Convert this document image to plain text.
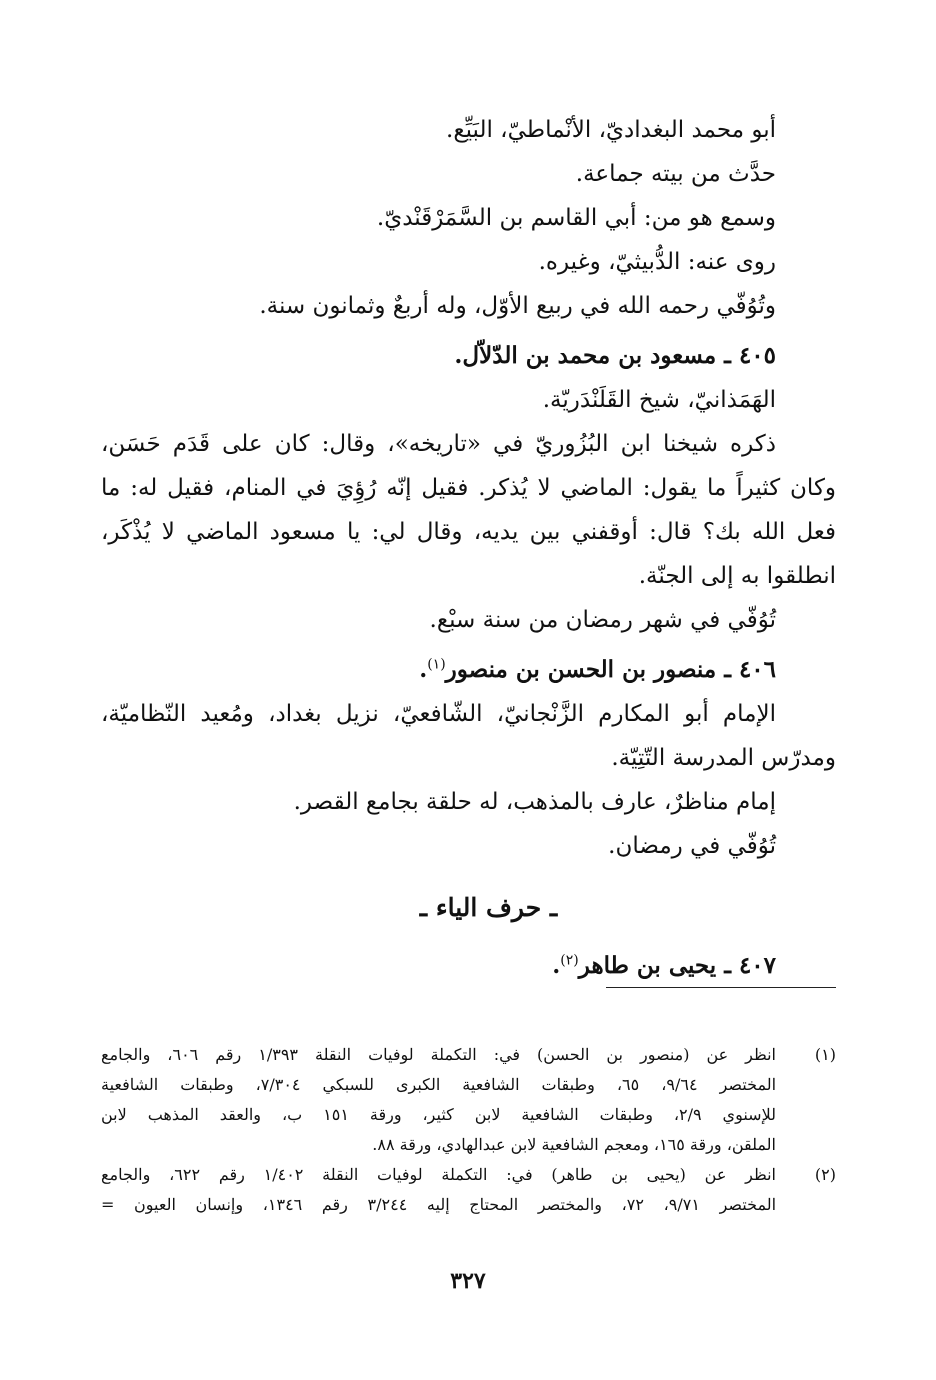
أبو محمد البغداديّ، الأنْماطيّ، البَيِّع.
حدَّث من بيته جماعة.
وسمع هو من: أبي القاسم بن السَّمَرْقَنْديّ.
روى عنه: الدُّبيثيّ، وغيره.
وتُوُفّي رحمه الله في ربيع الأوّل، وله أربعٌ وثمانون سنة.
٤٠٥ ـ مسعود بن محمد بن الدّلاّل.
الهَمَذانيّ، شيخ القَلَنْدَريّة.
ذكره شيخنا ابن البُزُوريّ في «تاريخه»، وقال: كان على قَدَم حَسَن،
وكان كثيراً ما يقول: الماضي لا يُذكر. فقيل إنّه رُؤِيَ في المنام، فقيل له: ما
فعل الله بك؟ قال: أوقفني بين يديه، وقال لي: يا مسعود الماضي لا يُذْكَر،
انطلقوا به إلى الجنّة.
تُوُفّي في شهر رمضان من سنة سبْع.
٤٠٦ ـ منصور بن الحسن بن منصور$^{(١)}$.
الإمام أبو المكارم الزَّنْجانيّ، الشّافعيّ، نزيل بغداد، ومُعيد النّظاميّة،
ومدرّس المدرسة التّتِيّة.
إمام مناظرٌ، عارف بالمذهب، له حلقة بجامع القصر.
تُوُفّي في رمضان.
ـ حرف الياء ـ
٤٠٧ ـ يحيى بن طاهر$^{(٢)}$.
(١)
انظر عن (منصور بن الحسن) في: التكملة لوفيات النقلة ١/٣٩٣ رقم ٦٠٦، والجامع
المختصر ٩/٦٤، ٦٥، وطبقات الشافعية الكبرى للسبكي ٧/٣٠٤، وطبقات الشافعية
للإسنوي ٢/٩، وطبقات الشافعية لابن كثير، ورقة ١٥١ ب، والعقد المذهب لابن
الملقن، ورقة ١٦٥، ومعجم الشافعية لابن عبدالهادي، ورقة ٨٨.
(٢)
انظر عن (يحيى بن طاهر) في: التكملة لوفيات النقلة ١/٤٠٢ رقم ٦٢٢، والجامع
المختصر ٩/٧١، ٧٢، والمختصر المحتاج إليه ٣/٢٤٤ رقم ١٣٤٦، وإنسان العيون =
٣٢٧
